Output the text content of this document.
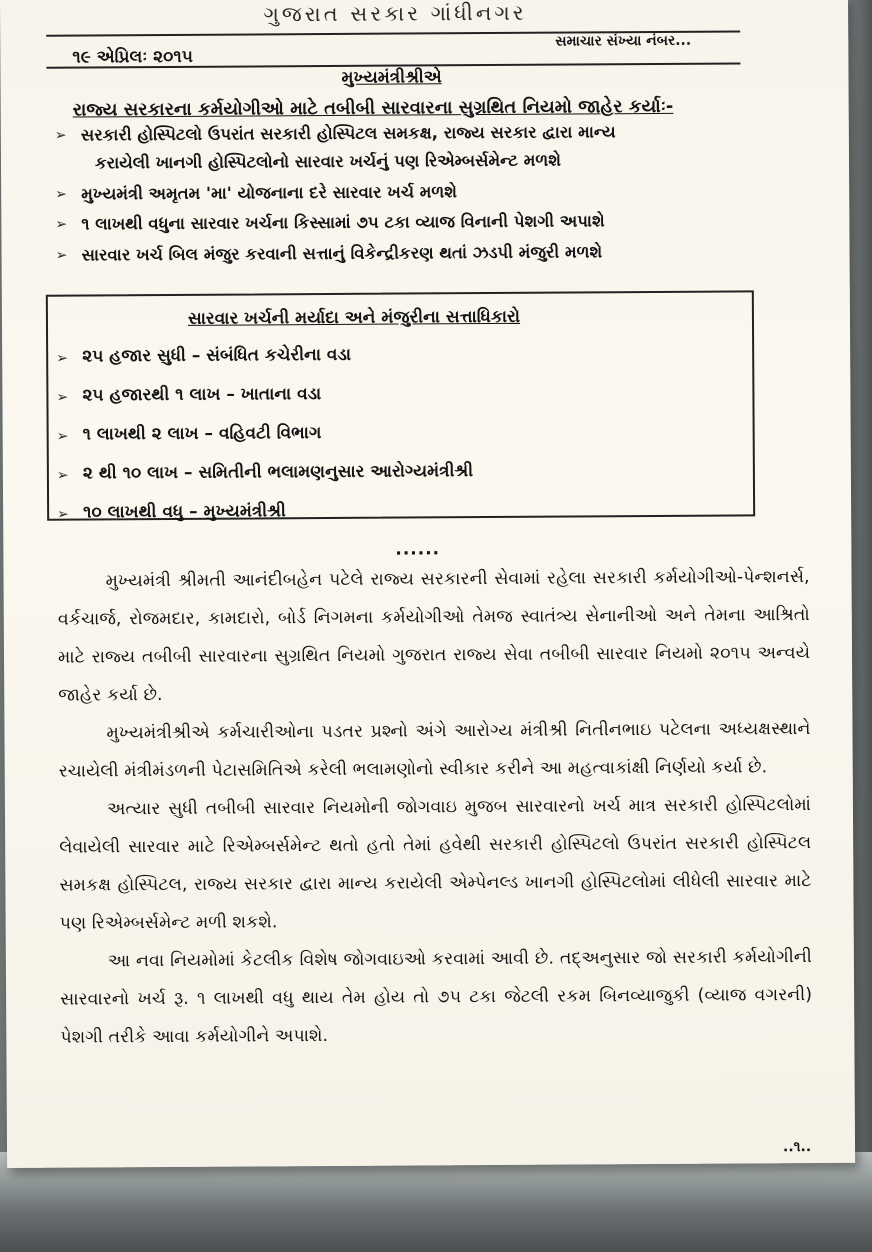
ગુજરાત સરકાર ગાંધીનગર
૧૯ એપ્રિલઃ ૨૦૧૫
સમાચાર સંખ્યા નંબર...
મુખ્યમંત્રીશ્રીએ
રાજ્ય સરકારના કર્મયોગીઓ માટે તબીબી સારવારના સુગ્રથિત નિયમો જાહેર કર્યાઃ-
➢ સરકારી હોસ્પિટલો ઉપરાંત સરકારી હોસ્પિટલ સમકક્ષ, રાજ્ય સરકાર દ્વારા માન્ય
કરાયેલી ખાનગી હોસ્પિટલોનો સારવાર ખર્ચનું પણ રિએમ્બર્સમેન્ટ મળશે
➢ મુખ્યમંત્રી અમૃતમ 'મા' યોજનાના દરે સારવાર ખર્ચ મળશે
➢ ૧ લાખથી વધુના સારવાર ખર્ચના કિસ્સામાં ૭૫ ટકા વ્યાજ વિનાની પેશગી અપાશે
➢ સારવાર ખર્ચ બિલ મંજુર કરવાની સત્તાનું વિકેન્દ્રીકરણ થતાં ઝડપી મંજુરી મળશે
સારવાર ખર્ચની મર્યાદા અને મંજુરીના સત્તાધિકારો
➢ ૨૫ હજાર સુધી – સંબંધિત કચેરીના વડા
➢ ૨૫ હજારથી ૧ લાખ – ખાતાના વડા
➢ ૧ લાખથી ૨ લાખ – વહિવટી વિભાગ
➢ ૨ થી ૧૦ લાખ – સમિતીની ભલામણનુસાર આરોગ્યમંત્રીશ્રી
➢ ૧૦ લાખથી વધુ – મુખ્યમંત્રીશ્રી
......

મુખ્યમંત્રી શ્રીમતી આનંદીબહેન પટેલે રાજ્ય સરકારની સેવામાં રહેલા સરકારી કર્મયોગીઓ-પેન્શનર્સ, વર્કચાર્જ, રોજમદાર, કામદારો, બોર્ડ નિગમના કર્મયોગીઓ તેમજ સ્વાતંત્ર્ય સેનાનીઓ અને તેમના આશ્રિતો માટે રાજ્ય તબીબી સારવારના સુગ્રથિત નિયમો ગુજરાત રાજ્ય સેવા તબીબી સારવાર નિયમો ૨૦૧૫ અન્વયે જાહેર કર્યા છે.

મુખ્યમંત્રીશ્રીએ કર્મચારીઓના પડતર પ્રશ્નો અંગે આરોગ્ય મંત્રીશ્રી નિતીનભાઇ પટેલના અધ્યક્ષસ્થાને રચાયેલી મંત્રીમંડળની પેટાસમિતિએ કરેલી ભલામણોનો સ્વીકાર કરીને આ મહત્વાકાંક્ષી નિર્ણયો કર્યા છે.

અત્યાર સુધી તબીબી સારવાર નિયમોની જોગવાઇ મુજબ સારવારનો ખર્ચ માત્ર સરકારી હોસ્પિટલોમાં લેવાયેલી સારવાર માટે રિએમ્બર્સમેન્ટ થતો હતો તેમાં હવેથી સરકારી હોસ્પિટલો ઉપરાંત સરકારી હોસ્પિટલ સમકક્ષ હોસ્પિટલ, રાજ્ય સરકાર દ્વારા માન્ય કરાયેલી એમ્પેનલ્ડ ખાનગી હોસ્પિટલોમાં લીધેલી સારવાર માટે પણ રિએમ્બર્સમેન્ટ મળી શકશે.

આ નવા નિયમોમાં કેટલીક વિશેષ જોગવાઇઓ કરવામાં આવી છે. તદ્અનુસાર જો સરકારી કર્મયોગીની સારવારનો ખર્ચ રૂ. ૧ લાખથી વધુ થાય તેમ હોય તો ૭૫ ટકા જેટલી રકમ બિનવ્યાજુકી (વ્યાજ વગરની) પેશગી તરીકે આવા કર્મયોગીને અપાશે.

..૧..
